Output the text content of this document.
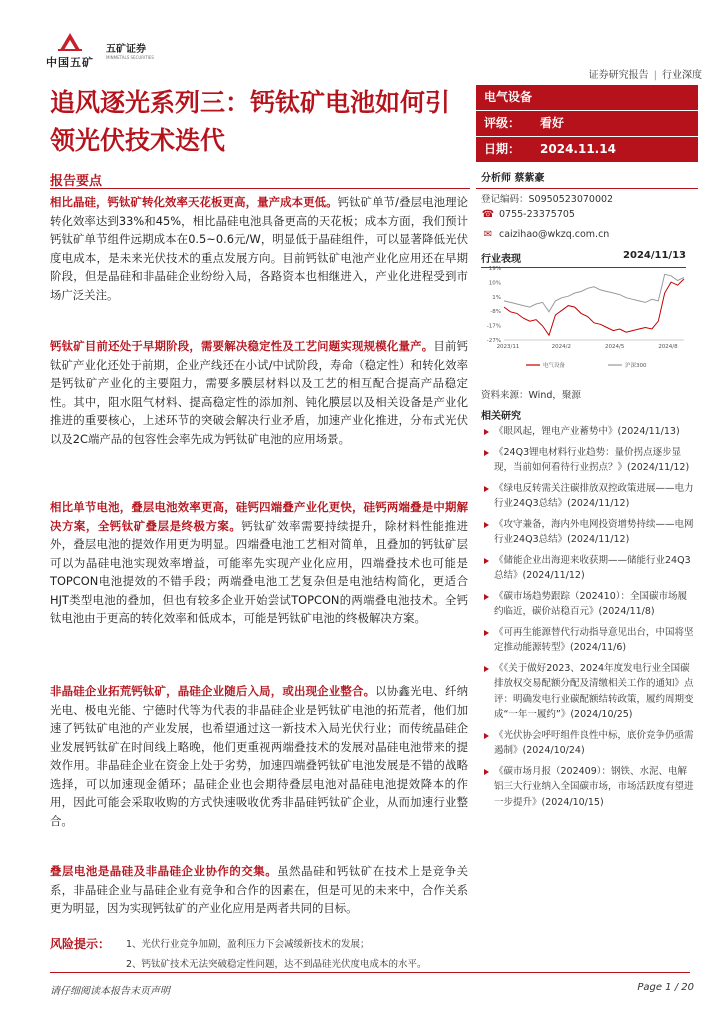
中国五矿
五矿证券
MINMETALS SECURITIES
证券研究报告 | 行业深度
追风逐光系列三：钙钛矿电池如何引领光伏技术迭代
电气设备
评级： 看好
日期： 2024.11.14
报告要点
相比晶硅，钙钛矿转化效率天花板更高，量产成本更低。钙钛矿单节/叠层电池理论转化效率达到33%和45%，相比晶硅电池具备更高的天花板；成本方面，我们预计钙钛矿单节组件远期成本在0.5~0.6元/W，明显低于晶硅组件，可以显著降低光伏度电成本，是未来光伏技术的重点发展方向。目前钙钛矿电池产业化应用还在早期阶段，但是晶硅和非晶硅企业纷纷入局，各路资本也相继进入，产业化进程受到市场广泛关注。
钙钛矿目前还处于早期阶段，需要解决稳定性及工艺问题实现规模化量产。目前钙钛矿产业化还处于前期，企业产线还在小试/中试阶段，寿命（稳定性）和转化效率是钙钛矿产业化的主要阻力，需要多膜层材料以及工艺的相互配合提高产品稳定性。其中，阻水阻气材料、提高稳定性的添加剂、钝化膜层以及相关设备是产业化推进的重要核心，上述环节的突破会解决行业矛盾，加速产业化推进，分布式光伏以及2C端产品的包容性会率先成为钙钛矿电池的应用场景。
相比单节电池，叠层电池效率更高，硅钙四端叠产业化更快，硅钙两端叠是中期解决方案，全钙钛矿叠层是终极方案。钙钛矿效率需要持续提升，除材料性能推进外，叠层电池的提效作用更为明显。四端叠电池工艺相对简单，且叠加的钙钛矿层可以为晶硅电池实现效率增益，可能率先实现产业化应用，四端叠技术也可能是TOPCON电池提效的不错手段；两端叠电池工艺复杂但是电池结构简化，更适合HJT类型电池的叠加，但也有较多企业开始尝试TOPCON的两端叠电池技术。全钙钛电池由于更高的转化效率和低成本，可能是钙钛矿电池的终极解决方案。
非晶硅企业拓荒钙钛矿，晶硅企业随后入局，或出现企业整合。以协鑫光电、纤纳光电、极电光能、宁德时代等为代表的非晶硅企业是钙钛矿电池的拓荒者，他们加速了钙钛矿电池的产业发展，也希望通过这一新技术入局光伏行业；而传统晶硅企业发展钙钛矿在时间线上略晚，他们更重视两端叠技术的发展对晶硅电池带来的提效作用。非晶硅企业在资金上处于劣势，加速四端叠钙钛矿电池发展是不错的战略选择，可以加速现金循环；晶硅企业也会期待叠层电池对晶硅电池提效降本的作用，因此可能会采取收购的方式快速吸收优秀非晶硅钙钛矿企业，从而加速行业整合。
叠层电池是晶硅及非晶硅企业协作的交集。虽然晶硅和钙钛矿在技术上是竞争关系，非晶硅企业与晶硅企业有竞争和合作的因素在，但是可见的未来中，合作关系更为明显，因为实现钙钛矿的产业化应用是两者共同的目标。
分析师 蔡紫豪
登记编码：S0950523070002
☎ 0755-23375705
✉ caizihao@wkzq.com.cn
行业表现	2024/11/13
19%
10%
1%
-8%
-17%
-27%
2023/11	2024/2	2024/5	2024/8
电气设备	沪深300
资料来源：Wind，聚源
相关研究
《眼风起，锂电产业蓄势中》(2024/11/13)
《24Q3锂电材料行业趋势：量价拐点逐步显现，当前如何看待行业拐点？》(2024/11/12)
《绿电反转需关注碳排放双控政策进展——电力行业24Q3总结》(2024/11/12)
《攻守兼备，海内外电网投资增势持续——电网行业24Q3总结》(2024/11/12)
《储能企业出海迎来收获期——储能行业24Q3总结》(2024/11/12)
《碳市场趋势跟踪（202410）：全国碳市场履约临近，碳价站稳百元》(2024/11/8)
《可再生能源替代行动指导意见出台，中国将坚定推动能源转型》(2024/11/6)
《《关于做好2023、2024年度发电行业全国碳排放权交易配额分配及清缴相关工作的通知》点评：明确发电行业碳配额结转政策，履约周期变成“一年一履约”》(2024/10/25)
《光伏协会呼吁组件良性中标，底价竞争仍亟需遏制》(2024/10/24)
《碳市场月报（202409）：钢铁、水泥、电解铝三大行业纳入全国碳市场，市场活跃度有望进一步提升》(2024/10/15)
风险提示： 1、光伏行业竞争加剧，盈利压力下会减缓新技术的发展；
2、钙钛矿技术无法突破稳定性问题，达不到晶硅光伏度电成本的水平。
请仔细阅读本报告末页声明	Page 1 / 20
